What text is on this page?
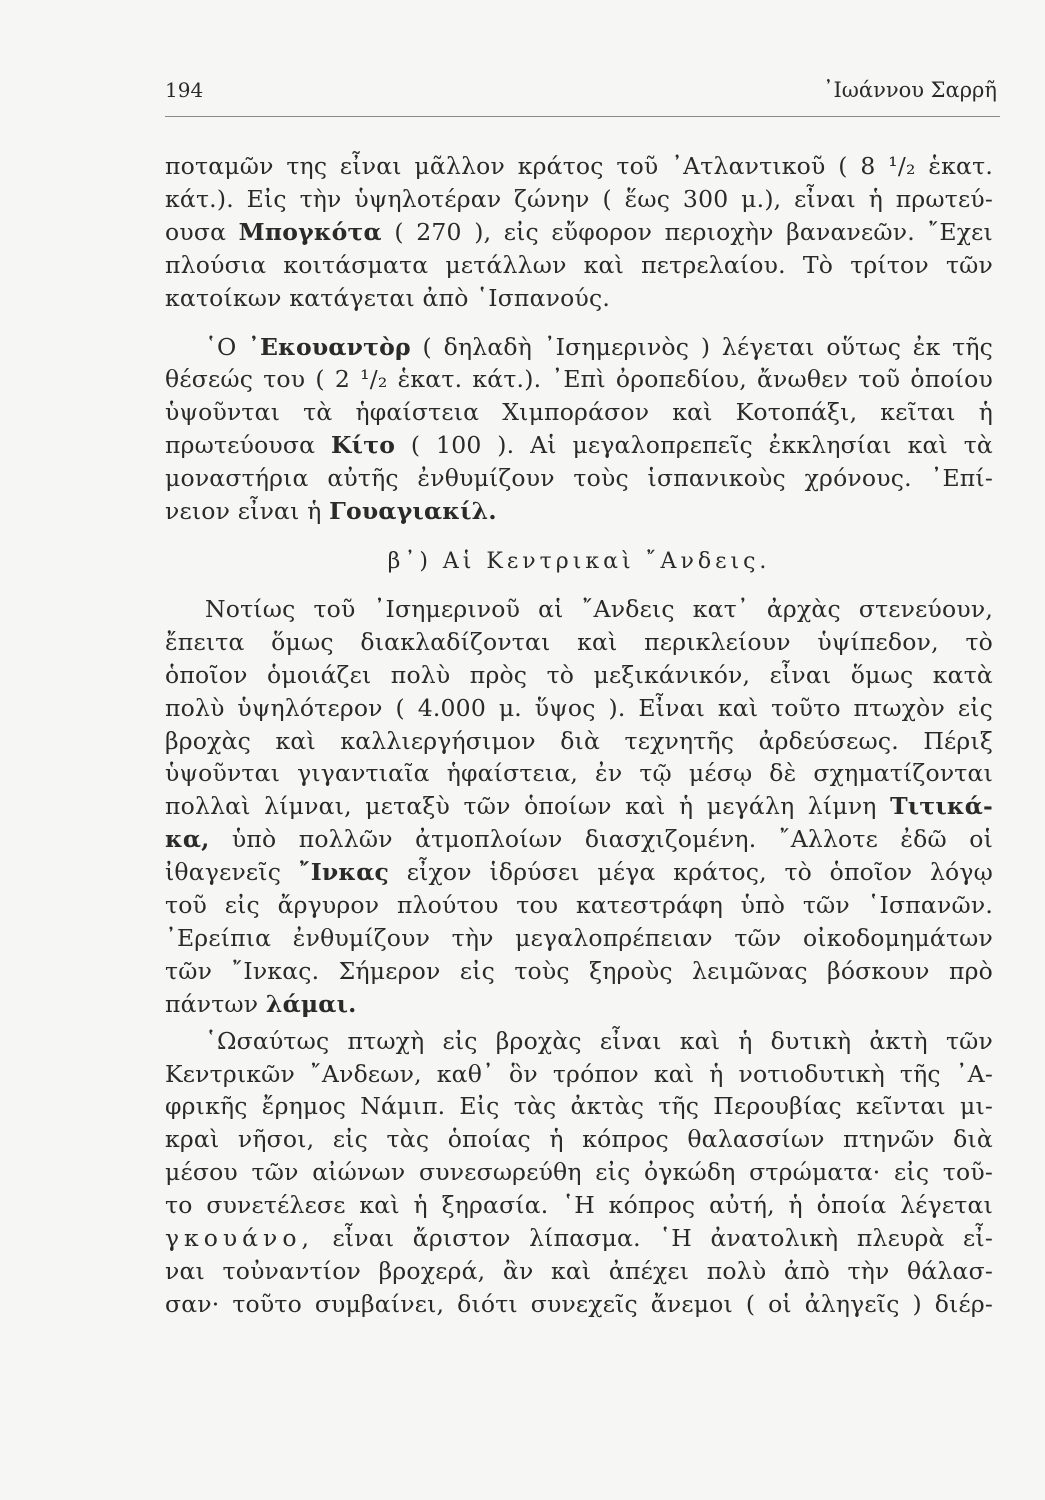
194	᾽Ιωάννου Σαρρῆ
ποταμῶν της εἶναι μᾶλλον κράτος τοῦ ᾽Ατλαντικοῦ ( 8 ¹/₂ ἑκατ.
κάτ.). Εἰς τὴν ὑψηλοτέραν ζώνην ( ἕως 300 μ.), εἶναι ἡ πρωτεύ-
ουσα Μπογκότα ( 270 ), εἰς εὔφορον περιοχὴν βανανεῶν. ῎Εχει
πλούσια κοιτάσματα μετάλλων καὶ πετρελαίου. Τὸ τρίτον τῶν
κατοίκων κατάγεται ἀπὸ ῾Ισπανούς.
῾Ο ᾽Εκουαντὸρ ( δηλαδὴ ᾽Ισημερινὸς ) λέγεται οὕτως ἐκ τῆς
θέσεώς του ( 2 ¹/₂ ἑκατ. κάτ.). ᾽Επὶ ὀροπεδίου, ἄνωθεν τοῦ ὁποίου
ὑψοῦνται τὰ ἡφαίστεια Χιμποράσον καὶ Κοτοπάξι, κεῖται ἡ
πρωτεύουσα Κίτο ( 100 ). Αἱ μεγαλοπρεπεῖς ἐκκλησίαι καὶ τὰ
μοναστήρια αὐτῆς ἐνθυμίζουν τοὺς ἱσπανικοὺς χρόνους. ᾽Επί-
νειον εἶναι ἡ Γουαγιακίλ.
β᾽) Αἱ Κεντρικαὶ ῎Ανδεις.
Νοτίως τοῦ ᾽Ισημερινοῦ αἱ ῎Ανδεις κατ᾽ ἀρχὰς στενεύουν,
ἔπειτα ὅμως διακλαδίζονται καὶ περικλείουν ὑψίπεδον, τὸ
ὁποῖον ὁμοιάζει πολὺ πρὸς τὸ μεξικάνικόν, εἶναι ὅμως κατὰ
πολὺ ὑψηλότερον ( 4.000 μ. ὕψος ). Εἶναι καὶ τοῦτο πτωχὸν εἰς
βροχὰς καὶ καλλιεργήσιμον διὰ τεχνητῆς ἀρδεύσεως. Πέριξ
ὑψοῦνται γιγαντιαῖα ἡφαίστεια, ἐν τῷ μέσῳ δὲ σχηματίζονται
πολλαὶ λίμναι, μεταξὺ τῶν ὁποίων καὶ ἡ μεγάλη λίμνη Τιτικά-
κα, ὑπὸ πολλῶν ἀτμοπλοίων διασχιζομένη. ῎Αλλοτε ἐδῶ οἱ
ἰθαγενεῖς ῎Ινκας εἶχον ἱδρύσει μέγα κράτος, τὸ ὁποῖον λόγῳ
τοῦ εἰς ἄργυρον πλούτου του κατεστράφη ὑπὸ τῶν ῾Ισπανῶν.
᾽Ερείπια ἐνθυμίζουν τὴν μεγαλοπρέπειαν τῶν οἰκοδομημάτων
τῶν ῎Ινκας. Σήμερον εἰς τοὺς ξηροὺς λειμῶνας βόσκουν πρὸ
πάντων λάμαι.
῾Ωσαύτως πτωχὴ εἰς βροχὰς εἶναι καὶ ἡ δυτικὴ ἀκτὴ τῶν
Κεντρικῶν ῎Ανδεων, καθ᾽ ὃν τρόπον καὶ ἡ νοτιοδυτικὴ τῆς ᾽Α-
φρικῆς ἔρημος Νάμιπ. Εἰς τὰς ἀκτὰς τῆς Περουβίας κεῖνται μι-
κραὶ νῆσοι, εἰς τὰς ὁποίας ἡ κόπρος θαλασσίων πτηνῶν διὰ
μέσου τῶν αἰώνων συνεσωρεύθη εἰς ὀγκώδη στρώματα· εἰς τοῦ-
το συνετέλεσε καὶ ἡ ξηρασία. ῾Η κόπρος αὐτή, ἡ ὁποία λέγεται
γκουάνο, εἶναι ἄριστον λίπασμα. ῾Η ἀνατολικὴ πλευρὰ εἶ-
ναι τοὐναντίον βροχερά, ἂν καὶ ἀπέχει πολὺ ἀπὸ τὴν θάλασ-
σαν· τοῦτο συμβαίνει, διότι συνεχεῖς ἄνεμοι ( οἱ ἀληγεῖς ) διέρ-
